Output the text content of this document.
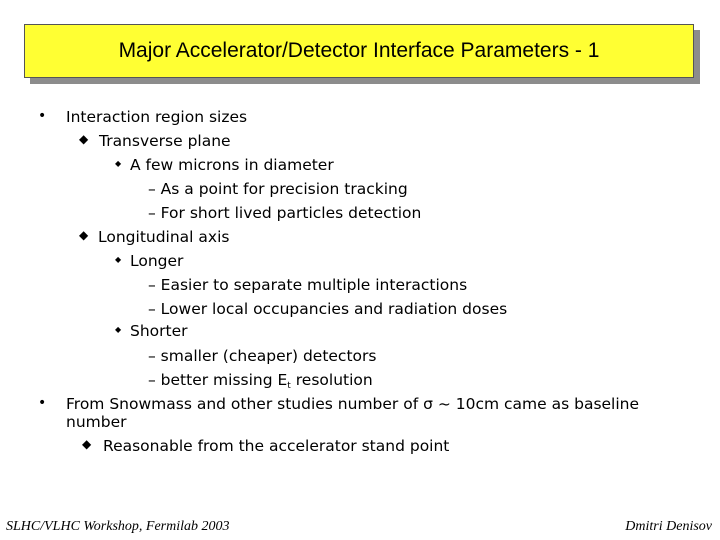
Major Accelerator/Detector Interface Parameters - 1
• Interaction region sizes
◆ Transverse plane
◆ A few microns in diameter
– As a point for precision tracking
– For short lived particles detection
◆ Longitudinal axis
◆ Longer
– Easier to separate multiple interactions
– Lower local occupancies and radiation doses
◆ Shorter
– smaller (cheaper) detectors
– better missing $E_t$ resolution
• From Snowmass and other studies number of σ ~ 10cm came as baseline
number
◆ Reasonable from the accelerator stand point
SLHC/VLHC Workshop, Fermilab 2003	Dmitri Denisov
